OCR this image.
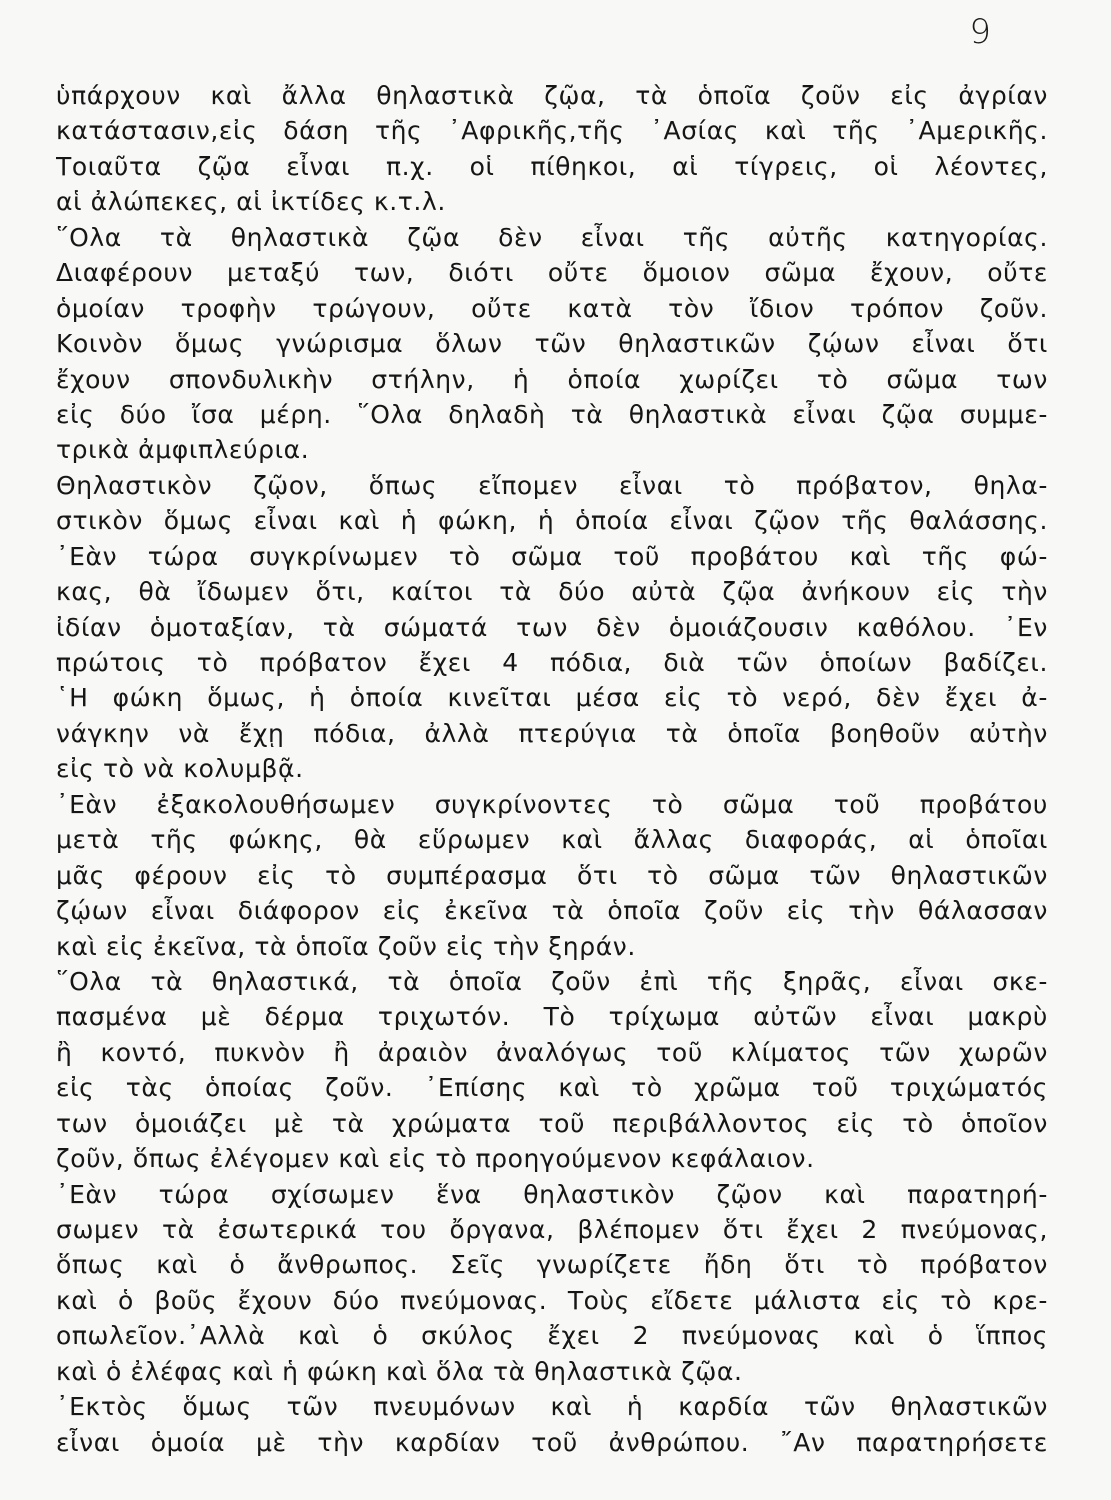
9
ὑπάρχουν καὶ ἄλλα θηλαστικὰ ζῷα, τὰ ὁποῖα ζοῦν εἰς ἀγρίαν
κατάστασιν,εἰς δάση τῆς ᾽Αφρικῆς,τῆς ᾽Ασίας καὶ τῆς ᾽Αμερικῆς.
Τοιαῦτα ζῷα εἶναι π.χ. οἱ πίθηκοι, αἱ τίγρεις, οἱ λέοντες,
αἱ ἀλώπεκες, αἱ ἰκτίδες κ.τ.λ.
῞Ολα τὰ θηλαστικὰ ζῷα δὲν εἶναι τῆς αὐτῆς κατηγορίας.
Διαφέρουν μεταξύ των, διότι οὔτε ὅμοιον σῶμα ἔχουν, οὔτε
ὁμοίαν τροφὴν τρώγουν, οὔτε κατὰ τὸν ἴδιον τρόπον ζοῦν.
Κοινὸν ὅμως γνώρισμα ὅλων τῶν θηλαστικῶν ζῴων εἶναι ὅτι
ἔχουν σπονδυλικὴν στήλην, ἡ ὁποία χωρίζει τὸ σῶμα των
εἰς δύο ἴσα μέρη. ῞Ολα δηλαδὴ τὰ θηλαστικὰ εἶναι ζῷα συμμε-
τρικὰ ἀμφιπλεύρια.
Θηλαστικὸν ζῷον, ὅπως εἴπομεν εἶναι τὸ πρόβατον, θηλα-
στικὸν ὅμως εἶναι καὶ ἡ φώκη, ἡ ὁποία εἶναι ζῷον τῆς θαλάσσης.
᾽Εὰν τώρα συγκρίνωμεν τὸ σῶμα τοῦ προβάτου καὶ τῆς φώ-
κας, θὰ ἴδωμεν ὅτι, καίτοι τὰ δύο αὐτὰ ζῷα ἀνήκουν εἰς τὴν
ἰδίαν ὁμοταξίαν, τὰ σώματά των δὲν ὁμοιάζουσιν καθόλου. ᾽Εν
πρώτοις τὸ πρόβατον ἔχει 4 πόδια, διὰ τῶν ὁποίων βαδίζει.
῾Η φώκη ὅμως, ἡ ὁποία κινεῖται μέσα εἰς τὸ νερό, δὲν ἔχει ἀ-
νάγκην νὰ ἔχῃ πόδια, ἀλλὰ πτερύγια τὰ ὁποῖα βοηθοῦν αὐτὴν
εἰς τὸ νὰ κολυμβᾷ.
᾽Εὰν ἐξακολουθήσωμεν συγκρίνοντες τὸ σῶμα τοῦ προβάτου
μετὰ τῆς φώκης, θὰ εὕρωμεν καὶ ἄλλας διαφοράς, αἱ ὁποῖαι
μᾶς φέρουν εἰς τὸ συμπέρασμα ὅτι τὸ σῶμα τῶν θηλαστικῶν
ζῴων εἶναι διάφορον εἰς ἐκεῖνα τὰ ὁποῖα ζοῦν εἰς τὴν θάλασσαν
καὶ εἰς ἐκεῖνα, τὰ ὁποῖα ζοῦν εἰς τὴν ξηράν.
῞Ολα τὰ θηλαστικά, τὰ ὁποῖα ζοῦν ἐπὶ τῆς ξηρᾶς, εἶναι σκε-
πασμένα μὲ δέρμα τριχωτόν. Τὸ τρίχωμα αὐτῶν εἶναι μακρὺ
ἢ κοντό, πυκνὸν ἢ ἀραιὸν ἀναλόγως τοῦ κλίματος τῶν χωρῶν
εἰς τὰς ὁποίας ζοῦν. ᾽Επίσης καὶ τὸ χρῶμα τοῦ τριχώματός
των ὁμοιάζει μὲ τὰ χρώματα τοῦ περιβάλλοντος εἰς τὸ ὁποῖον
ζοῦν, ὅπως ἐλέγομεν καὶ εἰς τὸ προηγούμενον κεφάλαιον.
᾽Εὰν τώρα σχίσωμεν ἕνα θηλαστικὸν ζῷον καὶ παρατηρή-
σωμεν τὰ ἐσωτερικά του ὄργανα, βλέπομεν ὅτι ἔχει 2 πνεύμονας,
ὅπως καὶ ὁ ἄνθρωπος. Σεῖς γνωρίζετε ἤδη ὅτι τὸ πρόβατον
καὶ ὁ βοῦς ἔχουν δύο πνεύμονας. Τοὺς εἴδετε μάλιστα εἰς τὸ κρε-
οπωλεῖον.᾽Αλλὰ καὶ ὁ σκύλος ἔχει 2 πνεύμονας καὶ ὁ ἵππος
καὶ ὁ ἐλέφας καὶ ἡ φώκη καὶ ὅλα τὰ θηλαστικὰ ζῷα.
᾽Εκτὸς ὅμως τῶν πνευμόνων καὶ ἡ καρδία τῶν θηλαστικῶν
εἶναι ὁμοία μὲ τὴν καρδίαν τοῦ ἀνθρώπου. ῎Αν παρατηρήσετε
